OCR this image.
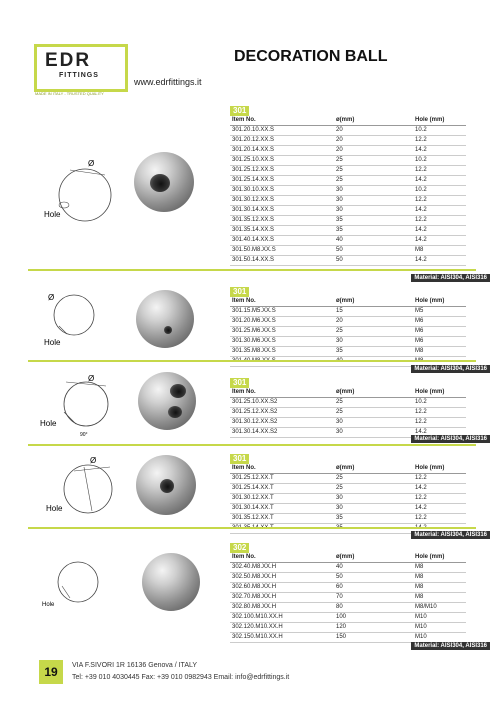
EDR
FITTINGS
MADE IN ITALY - TRUSTED QUALITY
www.edrfittings.it
DECORATION BALL
Ø
Hole
301
Item No.	ø(mm)	Hole (mm)
301.20.10.XX.S	20	10.2
301.20.12.XX.S	20	12.2
301.20.14.XX.S	20	14.2
301.25.10.XX.S	25	10.2
301.25.12.XX.S	25	12.2
301.25.14.XX.S	25	14.2
301.30.10.XX.S	30	10.2
301.30.12.XX.S	30	12.2
301.30.14.XX.S	30	14.2
301.35.12.XX.S	35	12.2
301.35.14.XX.S	35	14.2
301.40.14.XX.S	40	14.2
301.50.M8.XX.S	50	M8
301.50.14.XX.S	50	14.2
Material: AISI304, AISI316
Ø
Hole
301
Item No.	ø(mm)	Hole (mm)
301.15.M5.XX.S	15	M5
301.20.M6.XX.S	20	M6
301.25.M6.XX.S	25	M6
301.30.M6.XX.S	30	M6
301.35.M8.XX.S	35	M8
301.40.M8.XX.S	40	M8
Material: AISI304, AISI316
Ø
Hole
90°
301
Item No.	ø(mm)	Hole (mm)
301.25.10.XX.S2	25	10.2
301.25.12.XX.S2	25	12.2
301.30.12.XX.S2	30	12.2
301.30.14.XX.S2	30	14.2
Material: AISI304, AISI316
Ø
Hole
301
Item No.	ø(mm)	Hole (mm)
301.25.12.XX.T	25	12.2
301.25.14.XX.T	25	14.2
301.30.12.XX.T	30	12.2
301.30.14.XX.T	30	14.2
301.35.12.XX.T	35	12.2
301.35.14.XX.T	35	14.2
Material: AISI304, AISI316
Hole
302
Item No.	ø(mm)	Hole (mm)
302.40.M8.XX.H	40	M8
302.50.M8.XX.H	50	M8
302.60.M8.XX.H	60	M8
302.70.M8.XX.H	70	M8
302.80.M8.XX.H	80	M8/M10
302.100.M10.XX.H	100	M10
302.120.M10.XX.H	120	M10
302.150.M10.XX.H	150	M10
Material: AISI304, AISI316
19	VIA F.SIVORI 1R 16136 Genova / ITALY
Tel: +39 010 4030445 Fax: +39 010 0982943 Email: info@edrfittings.it
